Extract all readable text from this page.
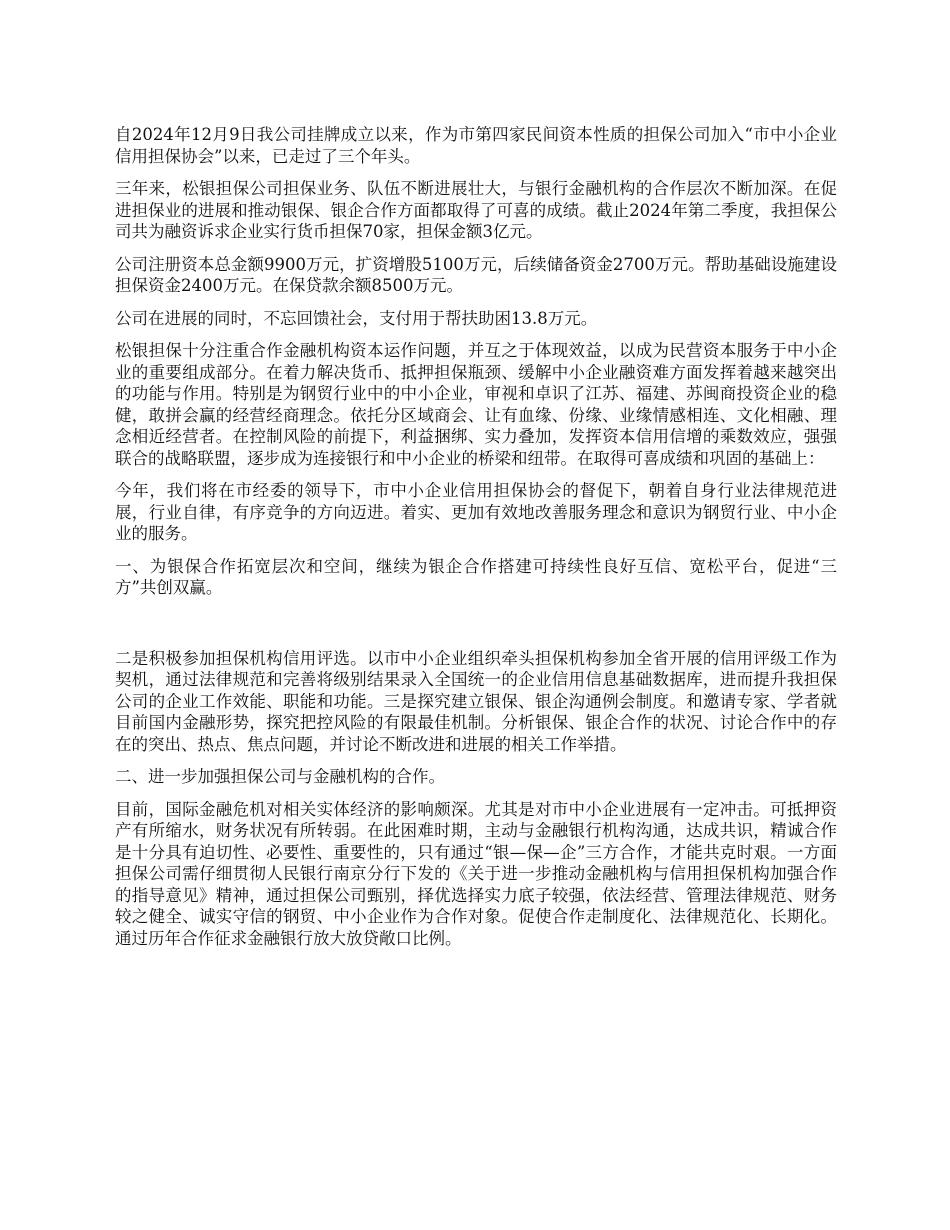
自2024年12月9日我公司挂牌成立以来，作为市第四家民间资本性质的担保公司加入“市中小企业信用担保协会”以来，已走过了三个年头。

三年来，松银担保公司担保业务、队伍不断进展壮大，与银行金融机构的合作层次不断加深。在促进担保业的进展和推动银保、银企合作方面都取得了可喜的成绩。截止2024年第二季度，我担保公司共为融资诉求企业实行货币担保70家，担保金额3亿元。

公司注册资本总金额9900万元，扩资增股5100万元，后续储备资金2700万元。帮助基础设施建设担保资金2400万元。在保贷款余额8500万元。

公司在进展的同时，不忘回馈社会，支付用于帮扶助困13.8万元。

松银担保十分注重合作金融机构资本运作问题，并互之于体现效益，以成为民营资本服务于中小企业的重要组成部分。在着力解决货币、抵押担保瓶颈、缓解中小企业融资难方面发挥着越来越突出的功能与作用。特别是为钢贸行业中的中小企业，审视和卓识了江苏、福建、苏闽商投资企业的稳健，敢拼会赢的经营经商理念。依托分区域商会、让有血缘、份缘、业缘情感相连、文化相融、理念相近经营者。在控制风险的前提下，利益捆绑、实力叠加，发挥资本信用信增的乘数效应，强强联合的战略联盟，逐步成为连接银行和中小企业的桥梁和纽带。在取得可喜成绩和巩固的基础上：

今年，我们将在市经委的领导下，市中小企业信用担保协会的督促下，朝着自身行业法律规范进展，行业自律，有序竞争的方向迈进。着实、更加有效地改善服务理念和意识为钢贸行业、中小企业的服务。

一、为银保合作拓宽层次和空间，继续为银企合作搭建可持续性良好互信、宽松平台，促进“三方”共创双赢。

二是积极参加担保机构信用评选。以市中小企业组织牵头担保机构参加全省开展的信用评级工作为契机，通过法律规范和完善将级别结果录入全国统一的企业信用信息基础数据库，进而提升我担保公司的企业工作效能、职能和功能。三是探究建立银保、银企沟通例会制度。和邀请专家、学者就目前国内金融形势，探究把控风险的有限最佳机制。分析银保、银企合作的状况、讨论合作中的存在的突出、热点、焦点问题，并讨论不断改进和进展的相关工作举措。

二、进一步加强担保公司与金融机构的合作。

目前，国际金融危机对相关实体经济的影响颇深。尤其是对市中小企业进展有一定冲击。可抵押资产有所缩水，财务状况有所转弱。在此困难时期，主动与金融银行机构沟通，达成共识，精诚合作是十分具有迫切性、必要性、重要性的，只有通过“银—保—企”三方合作，才能共克时艰。一方面担保公司需仔细贯彻人民银行南京分行下发的《关于进一步推动金融机构与信用担保机构加强合作的指导意见》精神，通过担保公司甄别，择优选择实力底子较强，依法经营、管理法律规范、财务较之健全、诚实守信的钢贸、中小企业作为合作对象。促使合作走制度化、法律规范化、长期化。通过历年合作征求金融银行放大放贷敞口比例。
